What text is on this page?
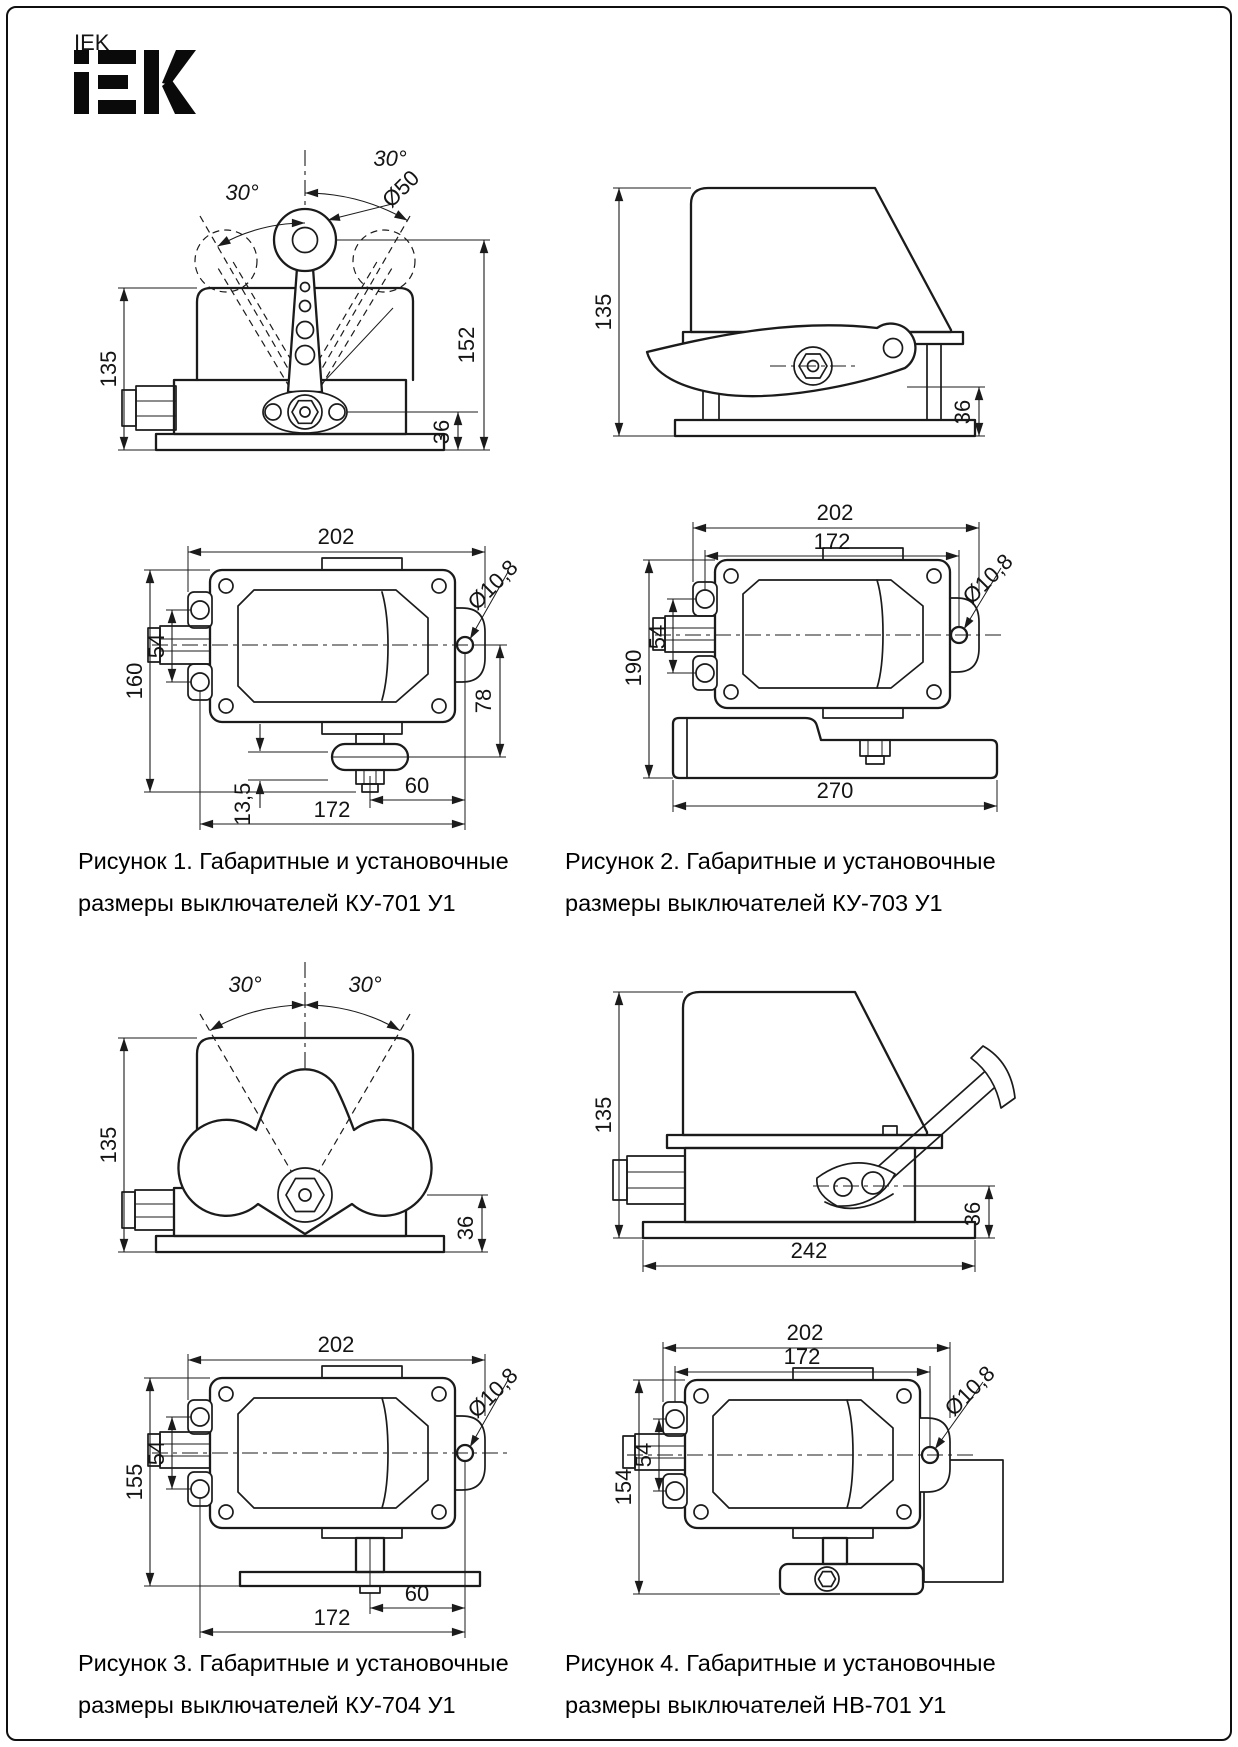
IEK
30°
30°
Ø50
135
152
36
202
160
54
Ø10,8
78
13,5	60
172
135
36
202
172
190
54
Ø10,8
270
30°	30°
135
36
202
155
54
Ø10,8
60
172
135
36
242
202
172
154
54
Ø10,8
Рисунок 1. Габаритные и установочные
размеры выключателей КУ-701 У1
Рисунок 2. Габаритные и установочные
размеры выключателей КУ-703 У1
Рисунок 3. Габаритные и установочные
размеры выключателей КУ-704 У1
Рисунок 4. Габаритные и установочные
размеры выключателей НВ-701 У1
